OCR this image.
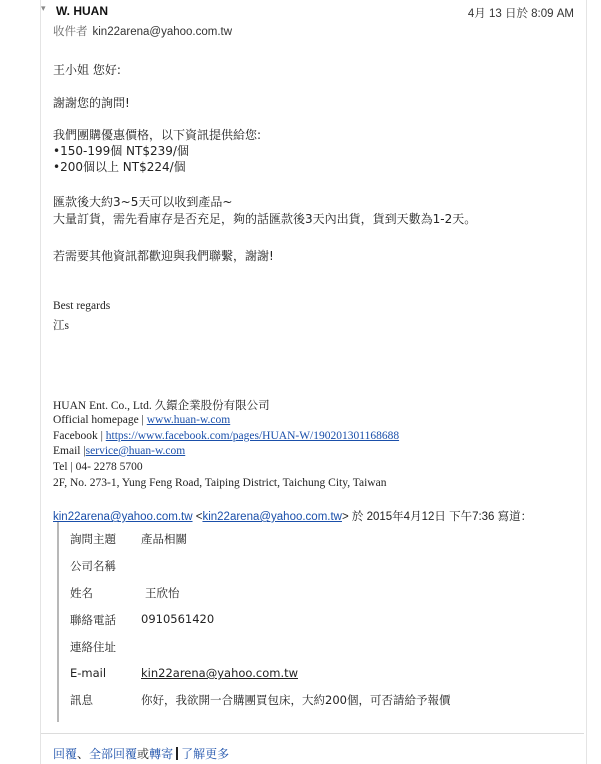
▾ W. HUAN	4月 13 日於 8:09 AM
收件者 kin22arena@yahoo.com.tw
王小姐 您好:
謝謝您的詢問!
我們團購優惠價格，以下資訊提供給您:
•150-199個 NT$239/個
•200個以上 NT$224/個
匯款後大約3~5天可以收到產品~
大量訂貨，需先看庫存是否充足，夠的話匯款後3天內出貨，貨到天數為1-2天。
若需要其他資訊都歡迎與我們聯繫，謝謝!
Best regards
江s
HUAN Ent. Co., Ltd. 久鐶企業股份有限公司
Official homepage | www.huan-w.com
Facebook | https://www.facebook.com/pages/HUAN-W/190201301168688
Email |service@huan-w.com
Tel | 04- 2278 5700
2F, No. 273-1, Yung Feng Road, Taiping District, Taichung City, Taiwan
kin22arena@yahoo.com.tw <kin22arena@yahoo.com.tw> 於 2015年4月12日 下午7:36 寫道：
詢問主題 產品相關
公司名稱
姓名	王欣怡
聯絡電話 0910561420
連絡住址
E-mail	kin22arena@yahoo.com.tw
訊息	你好，我欲開一合購團買包床，大約200個，可否請給予報價
回覆、全部回覆或轉寄 了解更多
